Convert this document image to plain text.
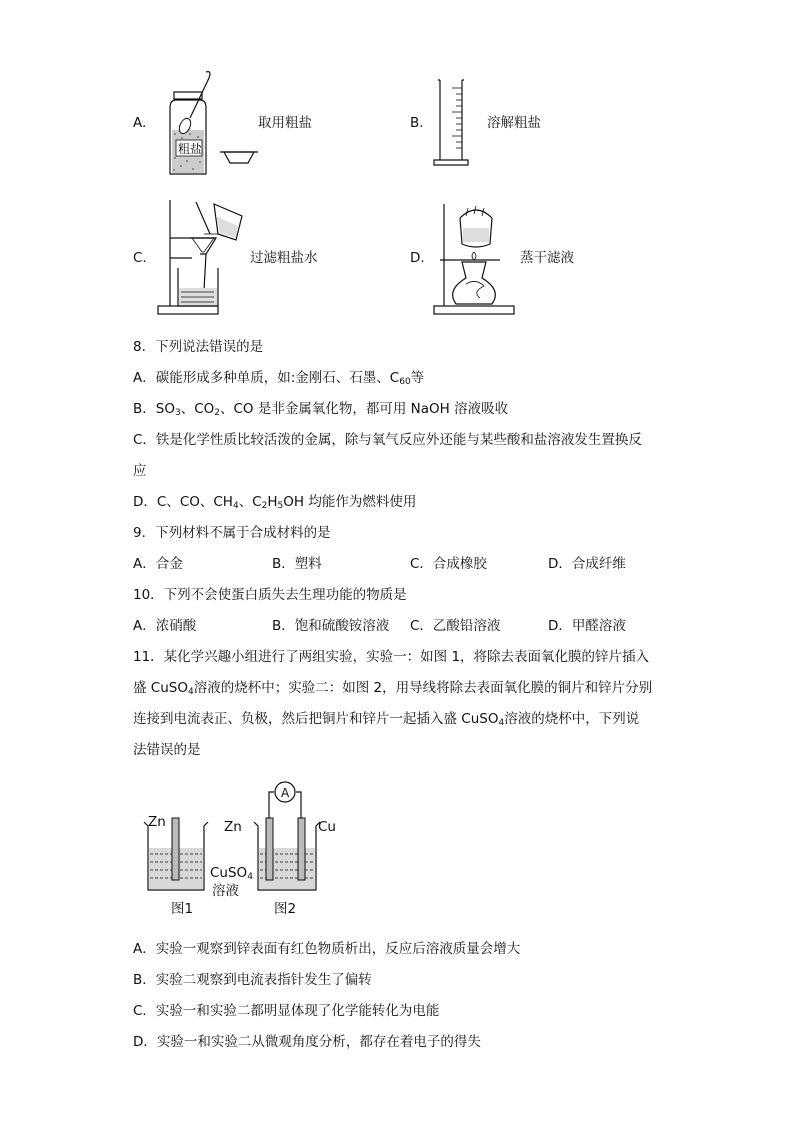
A.
粗盐
取用粗盐	B.	溶解粗盐
C.	过滤粗盐水	D.	蒸干滤液
8．下列说法错误的是
A．碳能形成多种单质，如:金刚石、石墨、$C_{60}$等
B．$SO_3$、$CO_2$、CO 是非金属氧化物，都可用 NaOH 溶液吸收
C．铁是化学性质比较活泼的金属，除与氧气反应外还能与某些酸和盐溶液发生置换反
应
D．C、CO、$CH_4$、$C_2H_5OH$ 均能作为燃料使用
9．下列材料不属于合成材料的是
A．合金	B．塑料	C．合成橡胶	D．合成纤维
10．下列不会使蛋白质失去生理功能的物质是
A．浓硝酸	B．饱和硫酸铵溶液 C．乙酸铅溶液	D．甲醛溶液
11．某化学兴趣小组进行了两组实验，实验一：如图 1，将除去表面氧化膜的锌片插入
盛 CuSO$_4$溶液的烧杯中；实验二：如图 2，用导线将除去表面氧化膜的铜片和锌片分别
连接到电流表正、负极，然后把铜片和锌片一起插入盛 CuSO$_4$溶液的烧杯中，下列说
法错误的是
A
Zn	Zn	Cu
CuSO$_4$
溶液
图1	图2
A．实验一观察到锌表面有红色物质析出，反应后溶液质量会增大
B．实验二观察到电流表指针发生了偏转
C．实验一和实验二都明显体现了化学能转化为电能
D．实验一和实验二从微观角度分析，都存在着电子的得失
